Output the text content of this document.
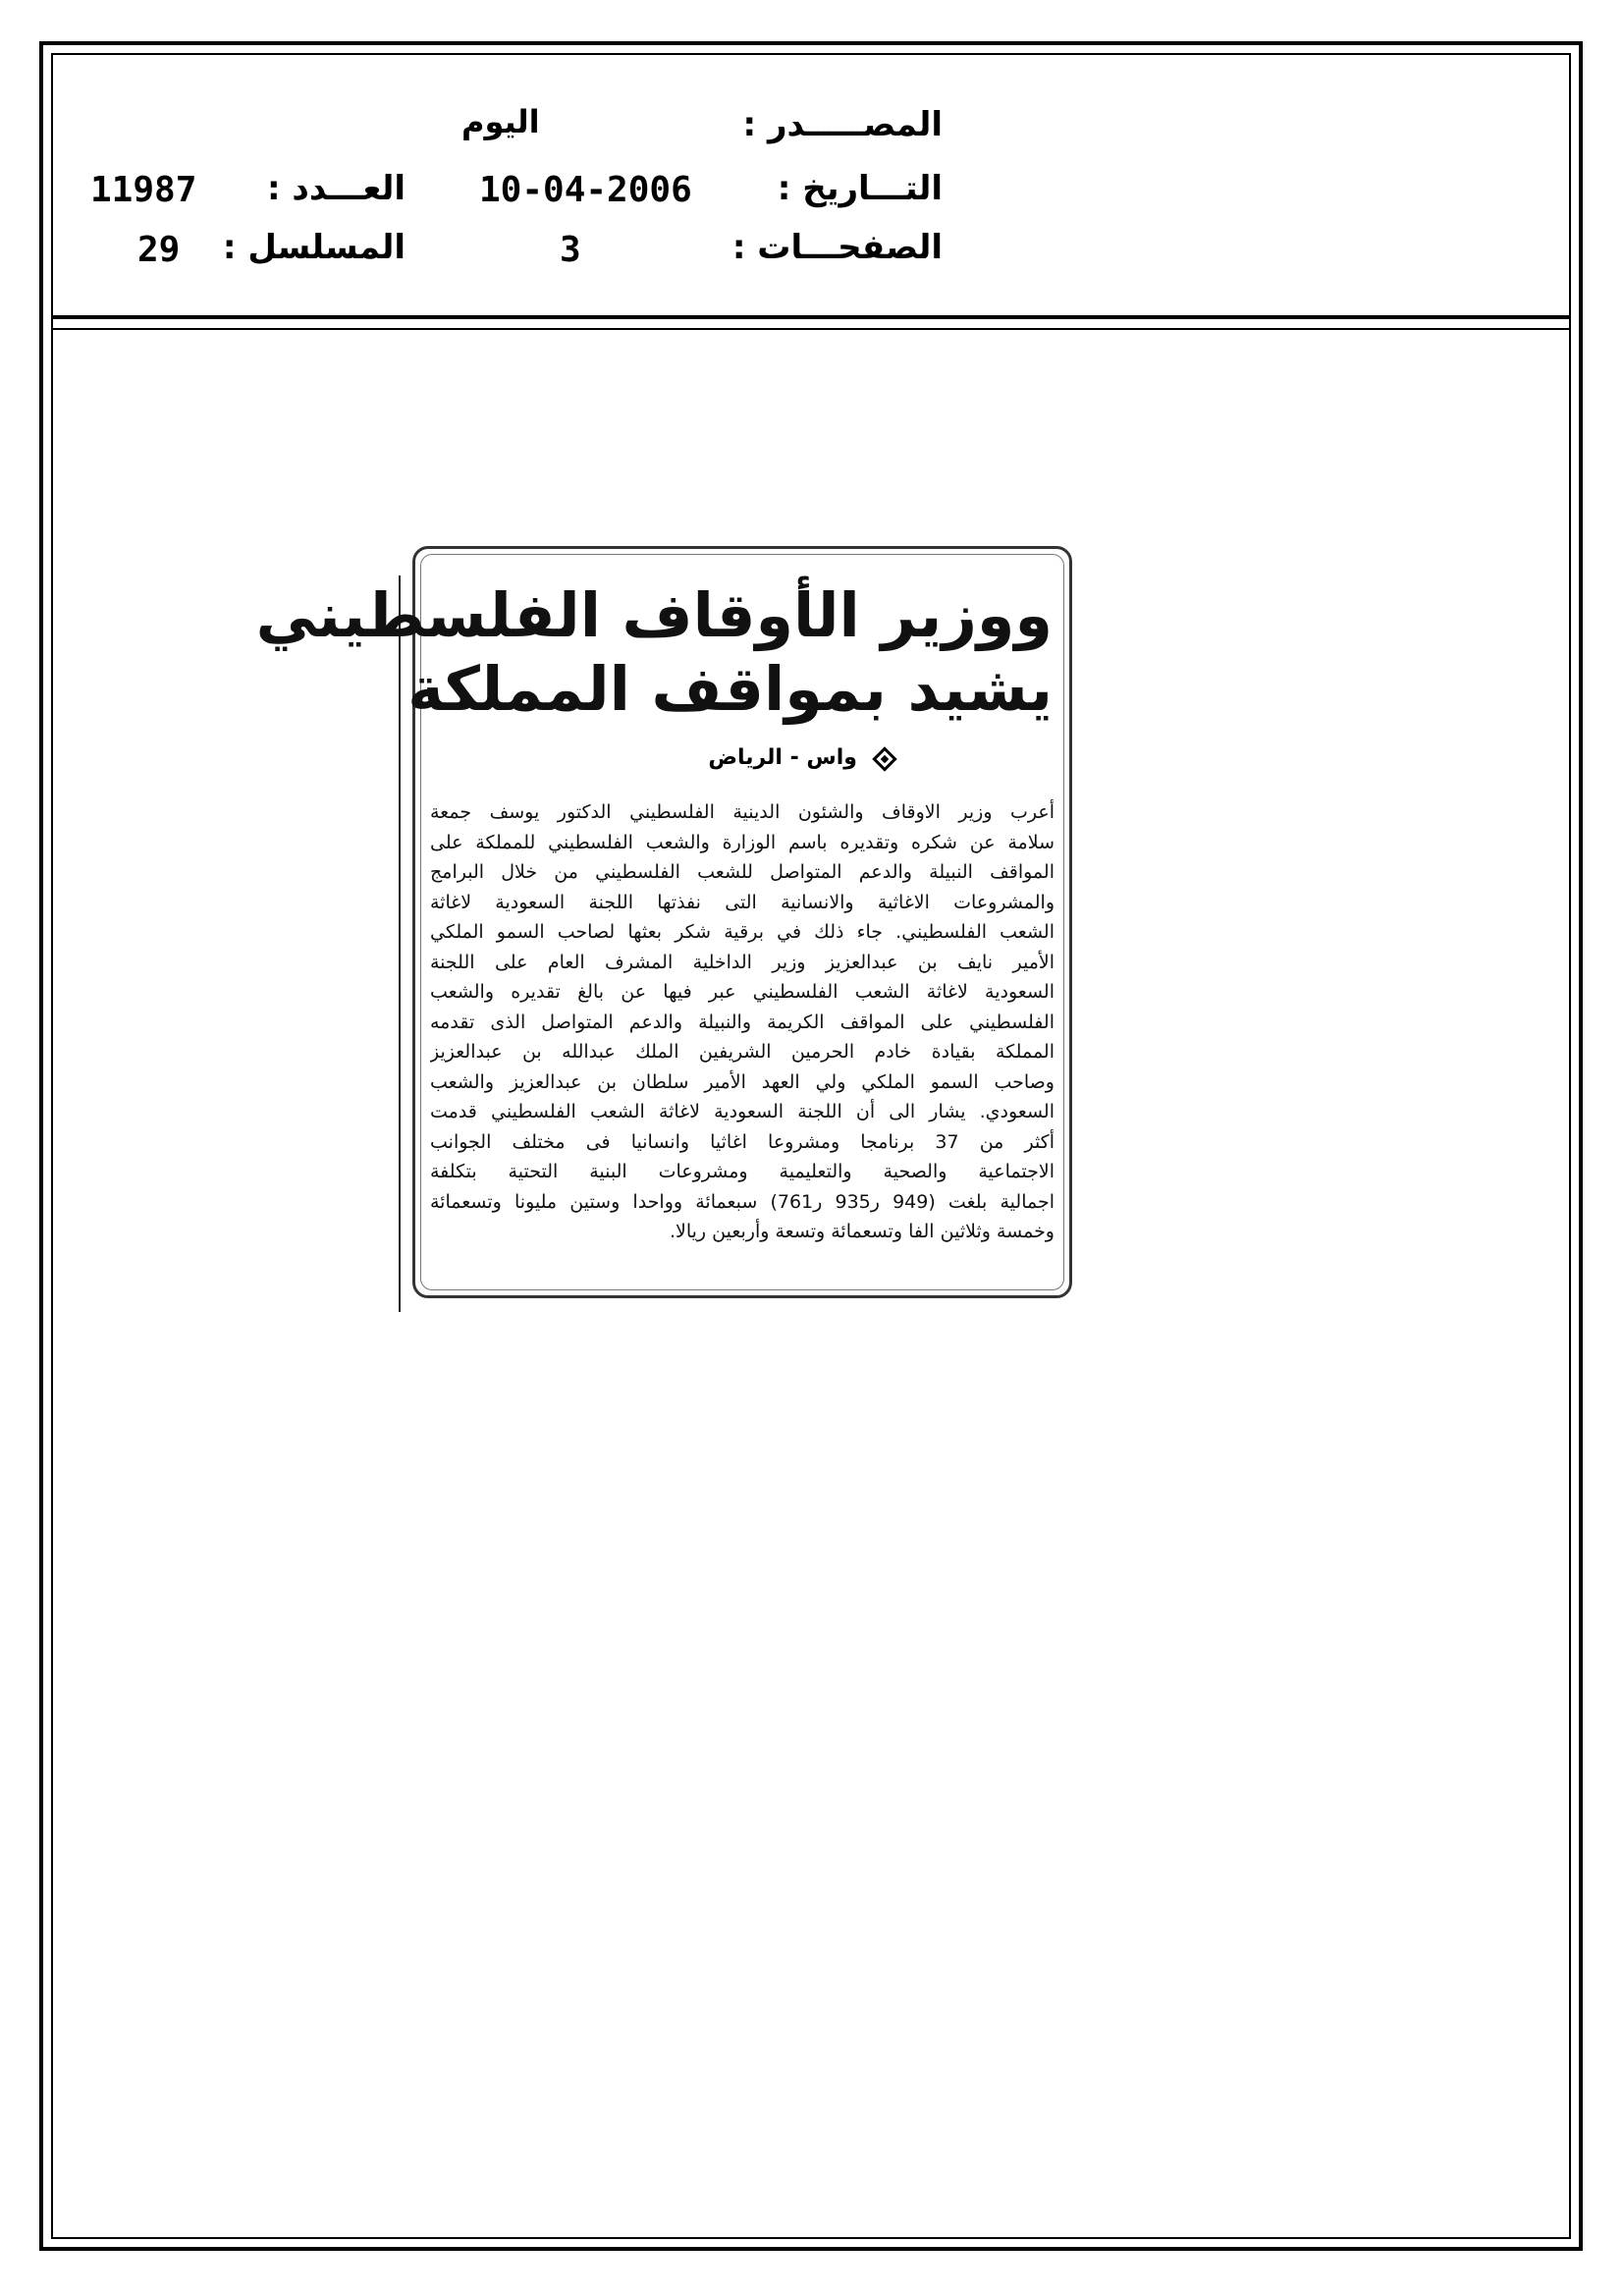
المصـــــدر :
اليوم
التـــاريخ :
10-04-2006
الصفحـــات :
3
العـــدد :
11987
المسلسل :
29
ووزير الأوقاف الفلسطيني
يشيد بمواقف المملكة
واس - الرياض
أعرب وزير الاوقاف والشئون الدينية الفلسطيني الدكتور يوسف جمعة
سلامة عن شكره وتقديره باسم الوزارة والشعب الفلسطيني للمملكة على
المواقف النبيلة والدعم المتواصل للشعب الفلسطيني من خلال البرامج
والمشروعات الاغاثية والانسانية التى نفذتها اللجنة السعودية لاغاثة
الشعب الفلسطيني. جاء ذلك في برقية شكر بعثها لصاحب السمو الملكي
الأمير نايف بن عبدالعزيز وزير الداخلية المشرف العام على اللجنة
السعودية لاغاثة الشعب الفلسطيني عبر فيها عن بالغ تقديره والشعب
الفلسطيني على المواقف الكريمة والنبيلة والدعم المتواصل الذى تقدمه
المملكة بقيادة خادم الحرمين الشريفين الملك عبدالله بن عبدالعزيز
وصاحب السمو الملكي ولي العهد الأمير سلطان بن عبدالعزيز والشعب
السعودي. يشار الى أن اللجنة السعودية لاغاثة الشعب الفلسطيني قدمت
أكثر من 37 برنامجا ومشروعا اغاثيا وانسانيا فى مختلف الجوانب
الاجتماعية والصحية والتعليمية ومشروعات البنية التحتية بتكلفة
اجمالية بلغت (949 ر935 ر761) سبعمائة وواحدا وستين مليونا وتسعمائة
وخمسة وثلاثين الفا وتسعمائة وتسعة وأربعين ريالا.
